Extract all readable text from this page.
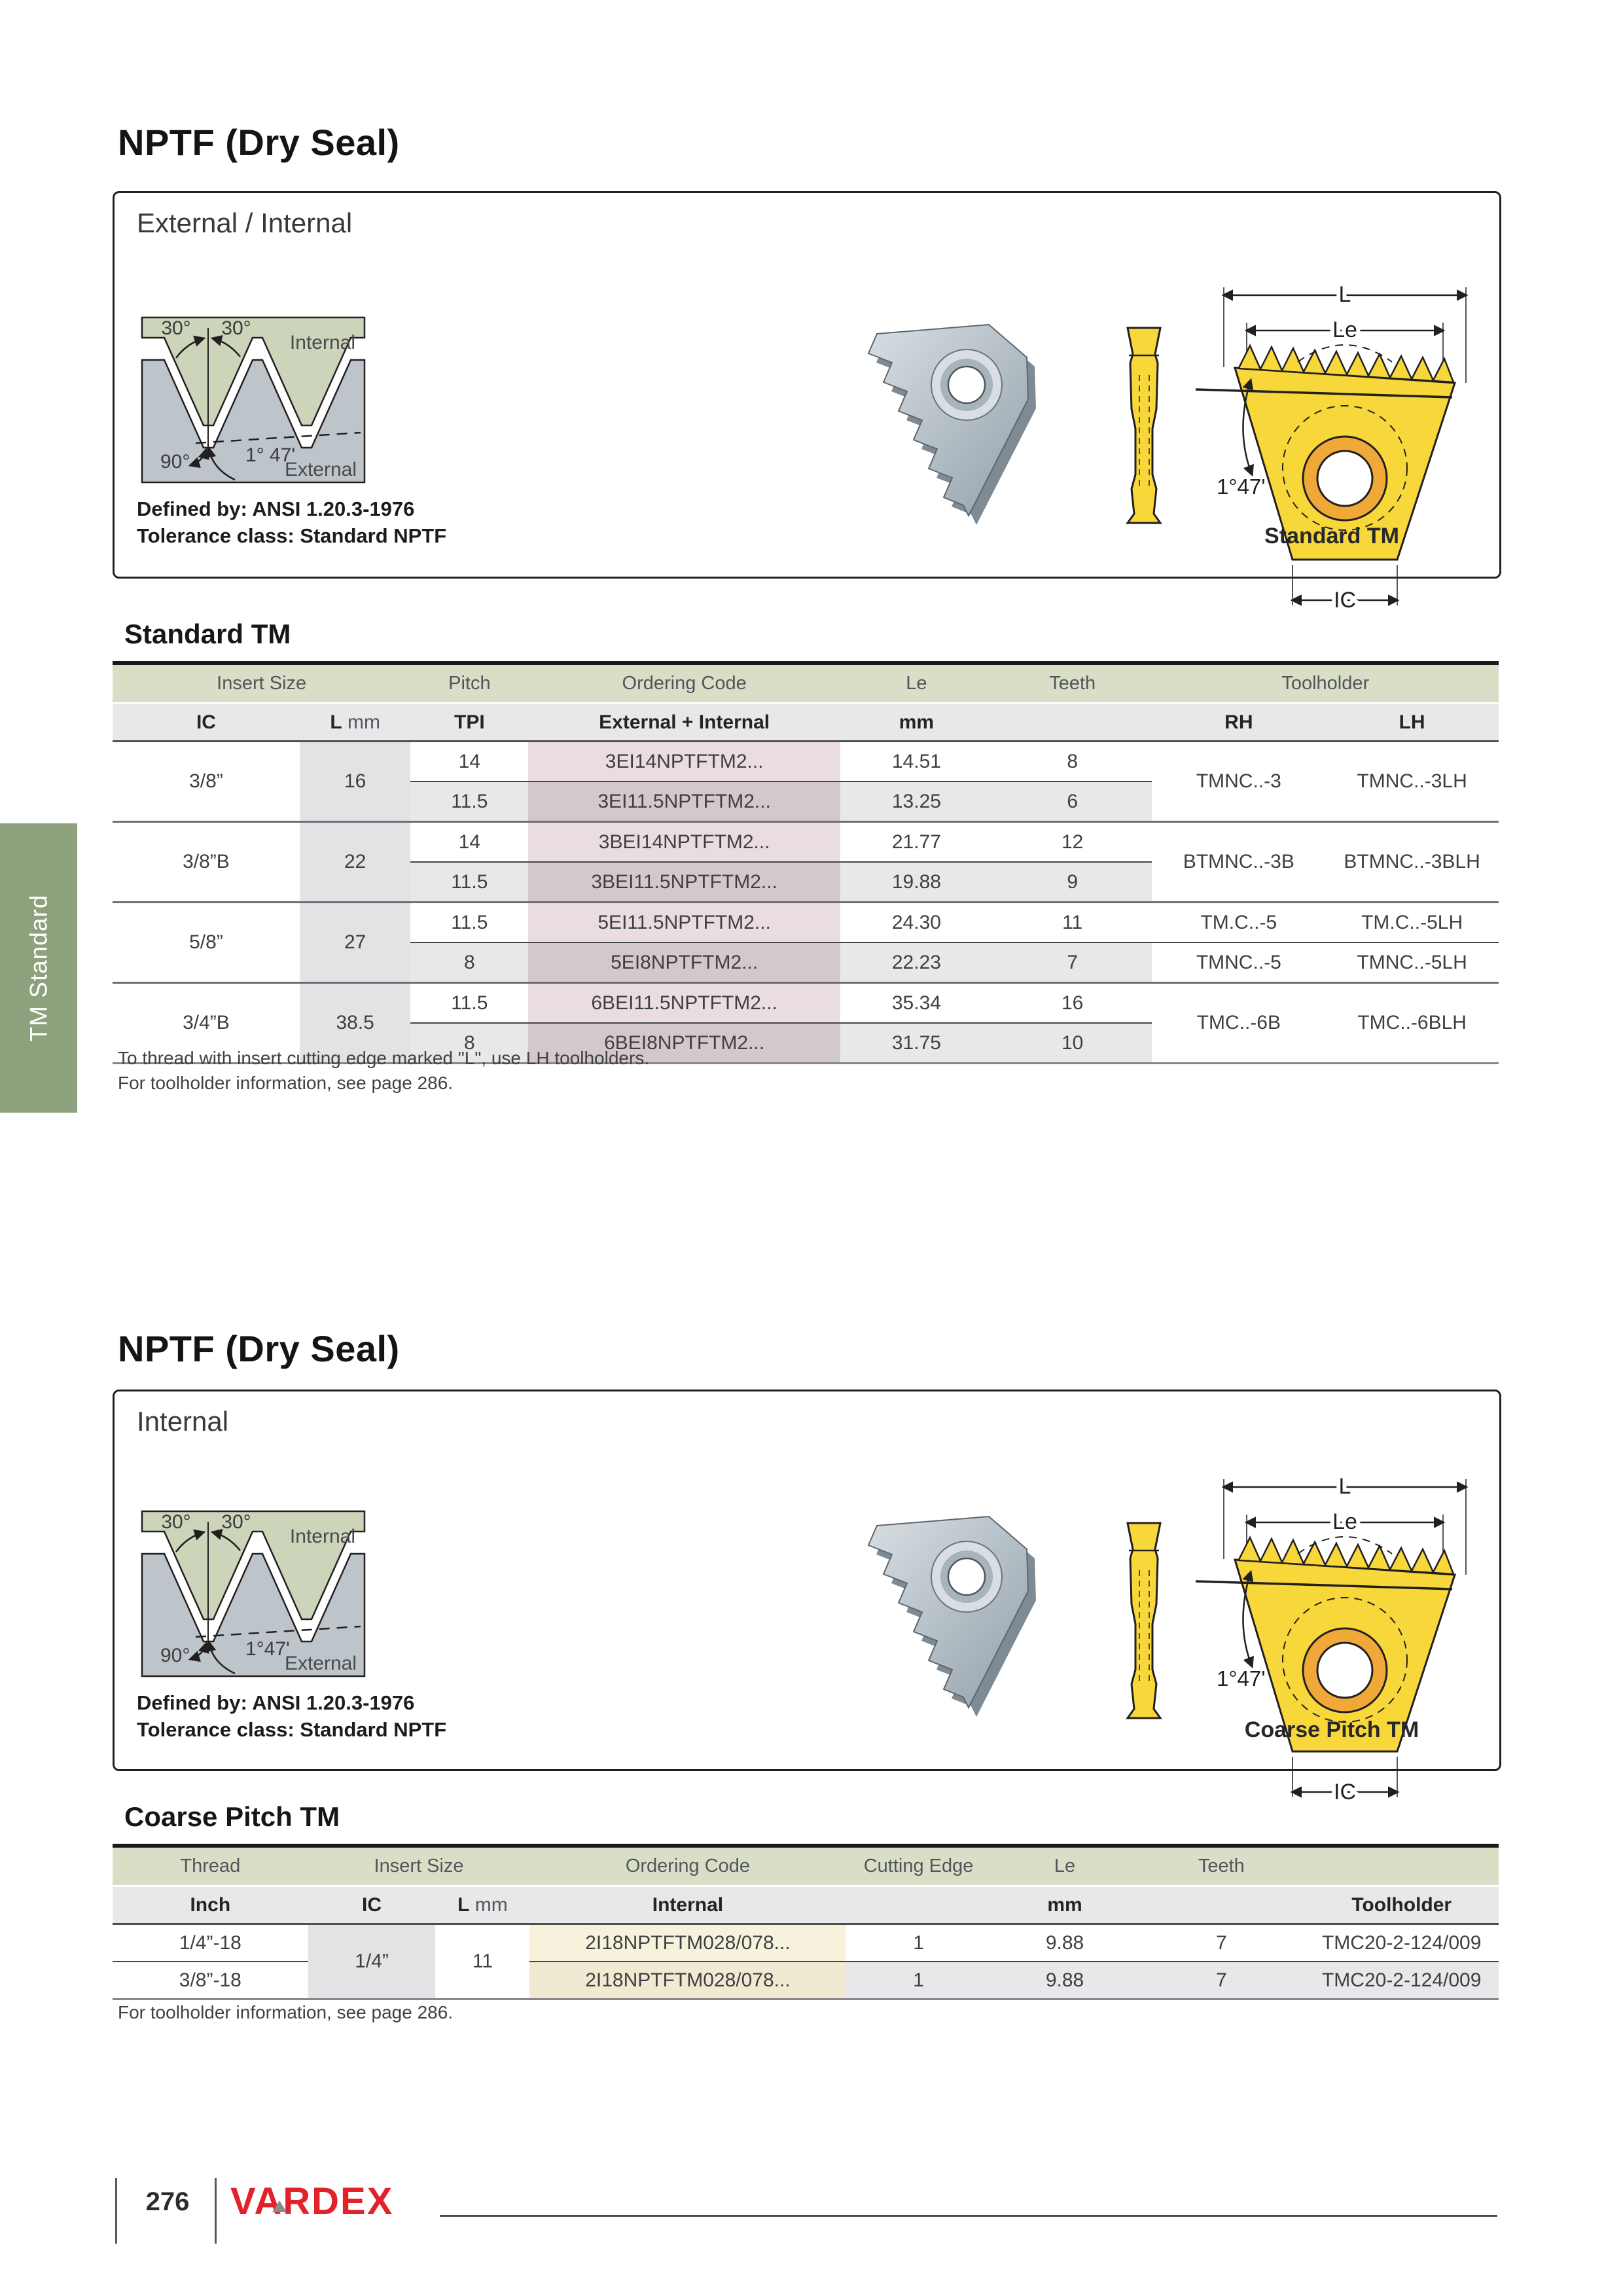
TM Standard
NPTF (Dry Seal)
External / Internal
30° 30°
Internal
90°	1° 47'
External
Defined by: ANSI 1.20.3-1976
Tolerance class: Standard NPTF
L
Le
1°47'
IC
Standard TM
Standard TM
Insert Size		Pitch	Ordering Code	Le	Teeth	Toolholder	
IC	L mm	TPI	External + Internal	mm		RH	LH
3/8”	16	14	3EI14NPTFTM2...	14.51	8	TMNC..-3	TMNC..-3LH
		11.5	3EI11.5NPTFTM2...	13.25	6		
3/8”B	22	14	3BEI14NPTFTM2...	21.77	12	BTMNC..-3B	BTMNC..-3BLH
		11.5	3BEI11.5NPTFTM2...	19.88	9		
5/8”	27	11.5	5EI11.5NPTFTM2...	24.30	11	TM.C..-5	TM.C..-5LH
		8	5EI8NPTFTM2...	22.23	7	TMNC..-5	TMNC..-5LH
3/4”B	38.5	11.5	6BEI11.5NPTFTM2...	35.34	16	TMC..-6B	TMC..-6BLH
		8	6BEI8NPTFTM2...	31.75	10		
To thread with insert cutting edge marked "L", use LH toolholders.
For toolholder information, see page 286.
NPTF (Dry Seal)
Internal
30° 30°
Internal
90°	1°47'
External
Defined by: ANSI 1.20.3-1976
Tolerance class: Standard NPTF
L
Le
1°47'
IC
Coarse Pitch TM
Coarse Pitch TM
Thread	Insert Size		Ordering Code	Cutting Edge	Le	Teeth	
Inch	IC	L mm	Internal		mm		Toolholder
1/4”-18	1/4”	11	2I18NPTFTM028/078...	1	9.88	7	TMC20-2-124/009
3/8”-18			2I18NPTFTM028/078...	1	9.88	7	TMC20-2-124/009
For toolholder information, see page 286.
276	VARDEX
